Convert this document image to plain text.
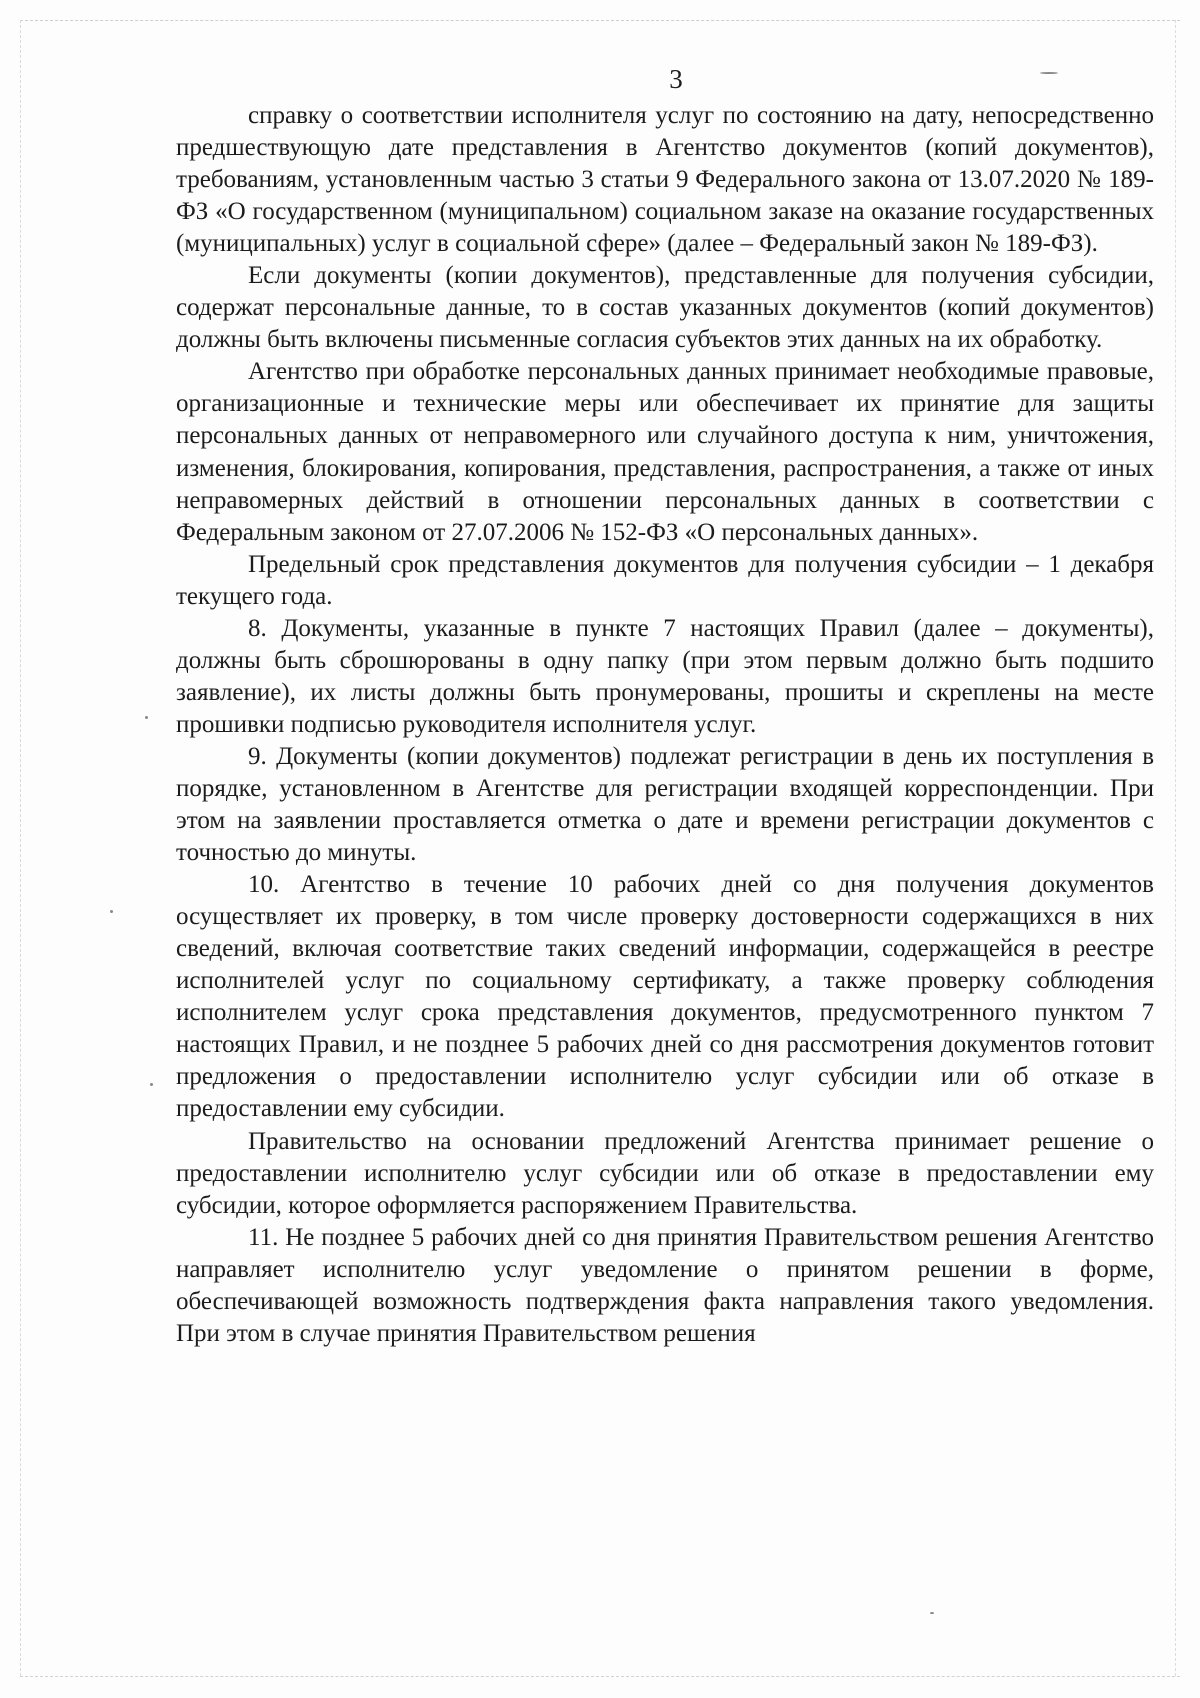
3

справку о соответствии исполнителя услуг по состоянию на дату, непосредственно предшествующую дате представления в Агентство документов (копий документов), требованиям, установленным частью 3 статьи 9 Федерального закона от 13.07.2020 № 189-ФЗ «О государственном (муниципальном) социальном заказе на оказание государственных (муниципальных) услуг в социальной сфере» (далее – Федеральный закон № 189-ФЗ).

Если документы (копии документов), представленные для получения субсидии, содержат персональные данные, то в состав указанных документов (копий документов) должны быть включены письменные согласия субъектов этих данных на их обработку.

Агентство при обработке персональных данных принимает необходимые правовые, организационные и технические меры или обеспечивает их принятие для защиты персональных данных от неправомерного или случайного доступа к ним, уничтожения, изменения, блокирования, копирования, представления, распространения, а также от иных неправомерных действий в отношении персональных данных в соответствии с Федеральным законом от 27.07.2006 № 152-ФЗ «О персональных данных».

Предельный срок представления документов для получения субсидии – 1 декабря текущего года.

8. Документы, указанные в пункте 7 настоящих Правил (далее – документы), должны быть сброшюрованы в одну папку (при этом первым должно быть подшито заявление), их листы должны быть пронумерованы, прошиты и скреплены на месте прошивки подписью руководителя исполнителя услуг.

9. Документы (копии документов) подлежат регистрации в день их поступления в порядке, установленном в Агентстве для регистрации входящей корреспонденции. При этом на заявлении проставляется отметка о дате и времени регистрации документов с точностью до минуты.

10. Агентство в течение 10 рабочих дней со дня получения документов осуществляет их проверку, в том числе проверку достоверности содержащихся в них сведений, включая соответствие таких сведений информации, содержащейся в реестре исполнителей услуг по социальному сертификату, а также проверку соблюдения исполнителем услуг срока представления документов, предусмотренного пунктом 7 настоящих Правил, и не позднее 5 рабочих дней со дня рассмотрения документов готовит предложения о предоставлении исполнителю услуг субсидии или об отказе в предоставлении ему субсидии.

Правительство на основании предложений Агентства принимает решение о предоставлении исполнителю услуг субсидии или об отказе в предоставлении ему субсидии, которое оформляется распоряжением Правительства.

11. Не позднее 5 рабочих дней со дня принятия Правительством решения Агентство направляет исполнителю услуг уведомление о принятом решении в форме, обеспечивающей возможность подтверждения факта направления такого уведомления. При этом в случае принятия Правительством решения
